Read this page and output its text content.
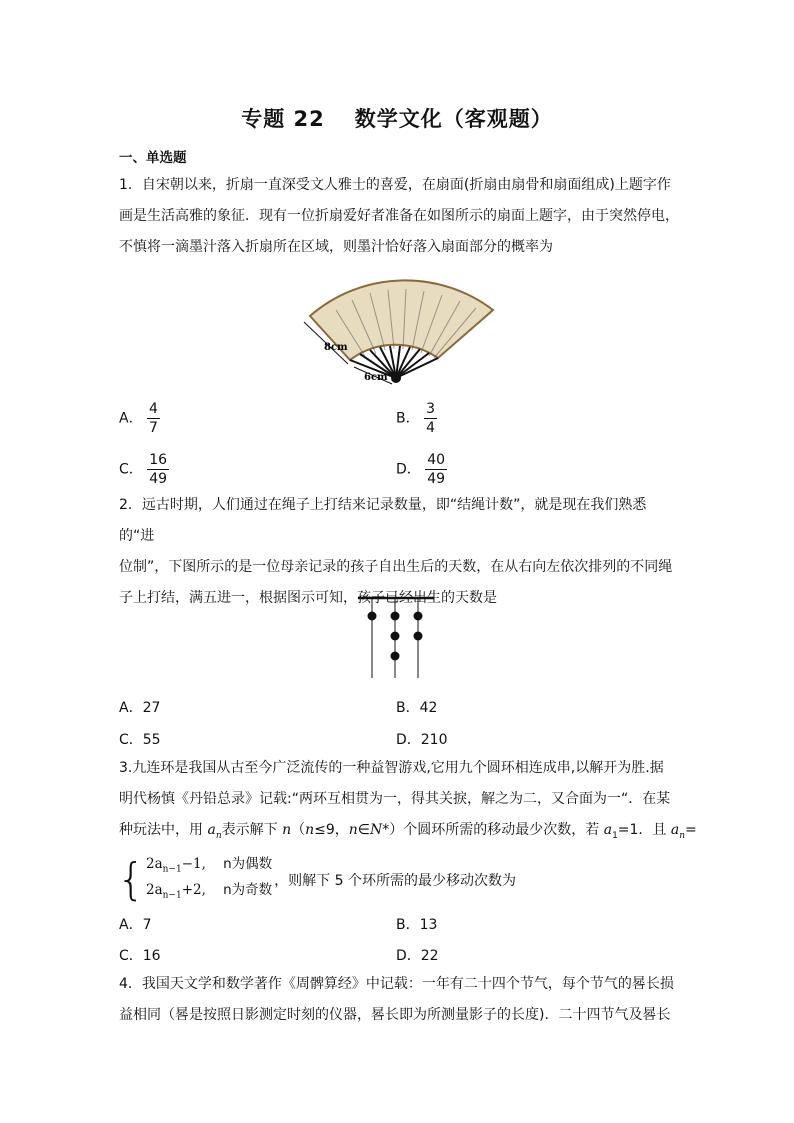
专题 22 数学文化（客观题）
一、单选题
1．自宋朝以来，折扇一直深受文人雅士的喜爱，在扇面(折扇由扇骨和扇面组成)上题字作
画是生活高雅的象征．现有一位折扇爱好者准备在如图所示的扇面上题字，由于突然停电，
不慎将一滴墨汁落入折扇所在区域，则墨汁恰好落入扇面部分的概率为
8cm
6cm
A． $\frac{4}{7}$	B． $\frac{3}{4}$
C． $\frac{16}{49}$	D． $\frac{40}{49}$
2．远古时期，人们通过在绳子上打结来记录数量，即“结绳计数”，就是现在我们熟悉的“进
位制”，下图所示的是一位母亲记录的孩子自出生后的天数，在从右向左依次排列的不同绳
子上打结，满五进一，根据图示可知，孩子已经出生的天数是
A．27	B．42
C．55	D．210
3.九连环是我国从古至今广泛流传的一种益智游戏,它用九个圆环相连成串,以解开为胜.据
明代杨慎《丹铅总录》记载:“两环互相贯为一，得其关捩，解之为二，又合面为一“．在某
种玩法中，用 $a_n$表示解下 n（n≤9，n∈N*）个圆环所需的移动最少次数，若 $a_1=1$．且 $a_n=$
{ $2a_{n-1}-1$, n为偶数
$2a_{n-1}+2$, n为奇数
，则解下 5 个环所需的最少移动次数为
A．7	B．13
C．16	D．22
4．我国天文学和数学著作《周髀算经》中记载：一年有二十四个节气，每个节气的晷长损
益相同（晷是按照日影测定时刻的仪器，晷长即为所测量影子的长度)．二十四节气及晷长
